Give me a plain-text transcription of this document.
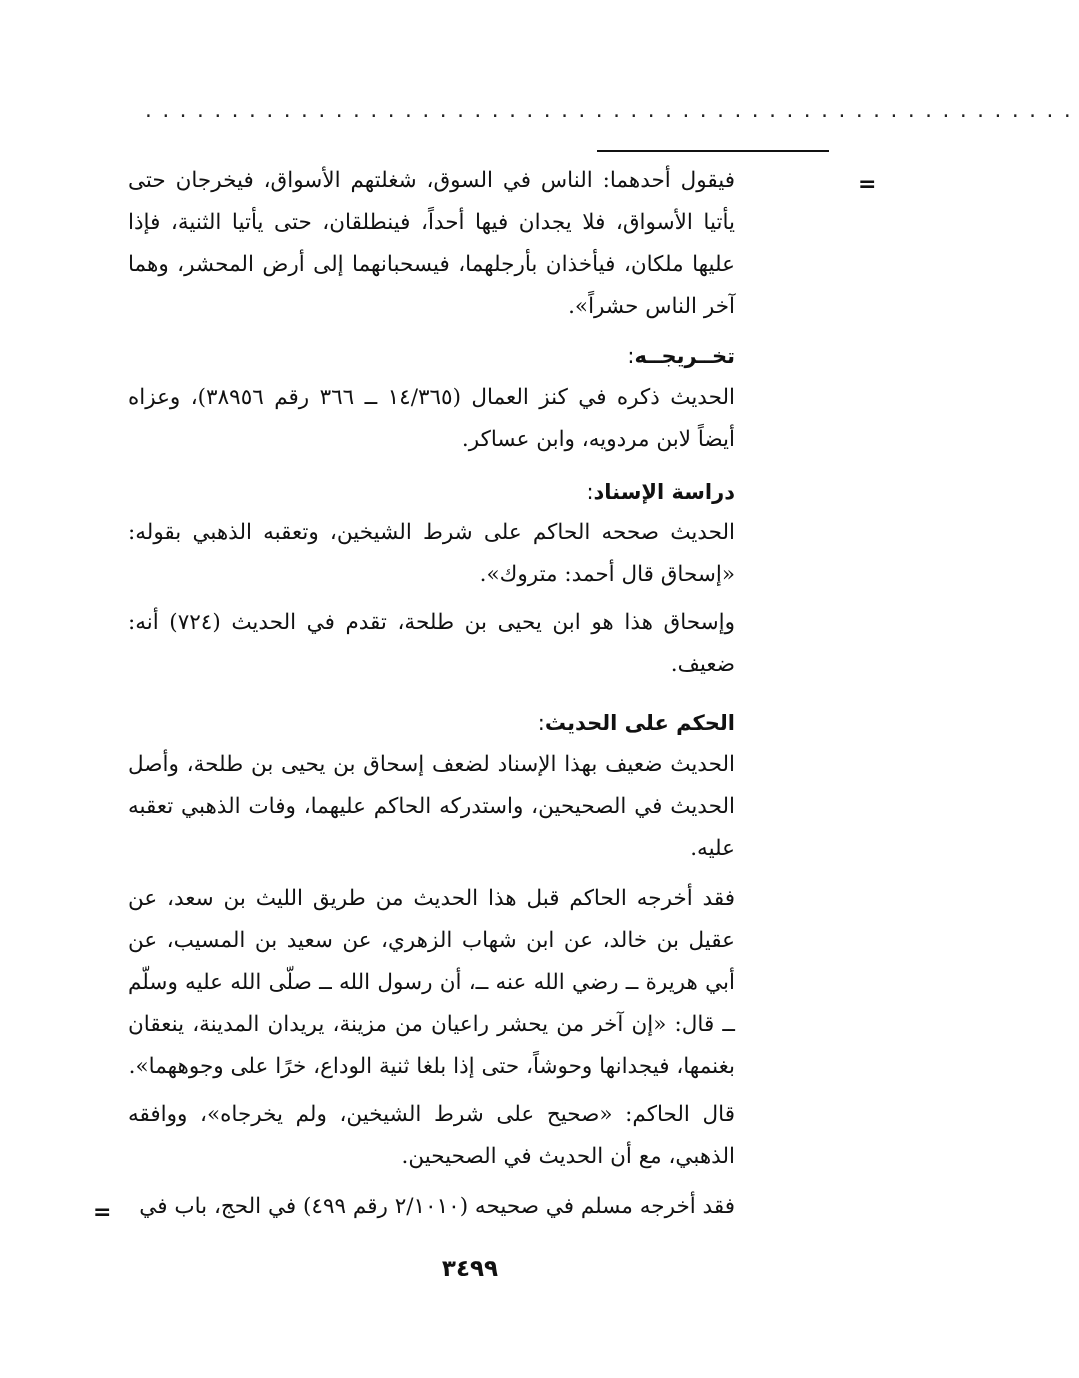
......................................................
=
فيقول أحدهما: الناس في السوق، شغلتهم الأسواق، فيخرجان حتى يأتيا الأسواق، فلا يجدان فيها أحداً، فينطلقان، حتى يأتيا الثنية، فإذا عليها ملكان، فيأخذان بأرجلهما، فيسحبانهما إلى أرض المحشر، وهما آخر الناس حشراً».
تخــريجــه:
الحديث ذكره في كنز العمال (١٤/٣٦٥ ــ ٣٦٦ رقم ٣٨٩٥٦)، وعزاه أيضاً لابن مردويه، وابن عساكر.
دراسة الإسناد:
الحديث صححه الحاكم على شرط الشيخين، وتعقبه الذهبي بقوله: «إسحاق قال أحمد: متروك».
وإسحاق هذا هو ابن يحيى بن طلحة، تقدم في الحديث (٧٢٤) أنه: ضعيف.
الحكم على الحديث:
الحديث ضعيف بهذا الإسناد لضعف إسحاق بن يحيى بن طلحة، وأصل الحديث في الصحيحين، واستدركه الحاكم عليهما، وفات الذهبي تعقبه عليه.
فقد أخرجه الحاكم قبل هذا الحديث من طريق الليث بن سعد، عن عقيل بن خالد، عن ابن شهاب الزهري، عن سعيد بن المسيب، عن أبي هريرة ــ رضي الله عنه ــ، أن رسول الله ــ صلّى الله عليه وسلّم ــ قال: «إن آخر من يحشر راعيان من مزينة، يريدان المدينة، ينعقان بغنمها، فيجدانها وحوشاً، حتى إذا بلغا ثنية الوداع، خرًا على وجوههما».
قال الحاكم: «صحيح على شرط الشيخين، ولم يخرجاه»، ووافقه الذهبي، مع أن الحديث في الصحيحين.
فقد أخرجه مسلم في صحيحه (٢/١٠١٠ رقم ٤٩٩) في الحج، باب في
=
٣٤٩٩
